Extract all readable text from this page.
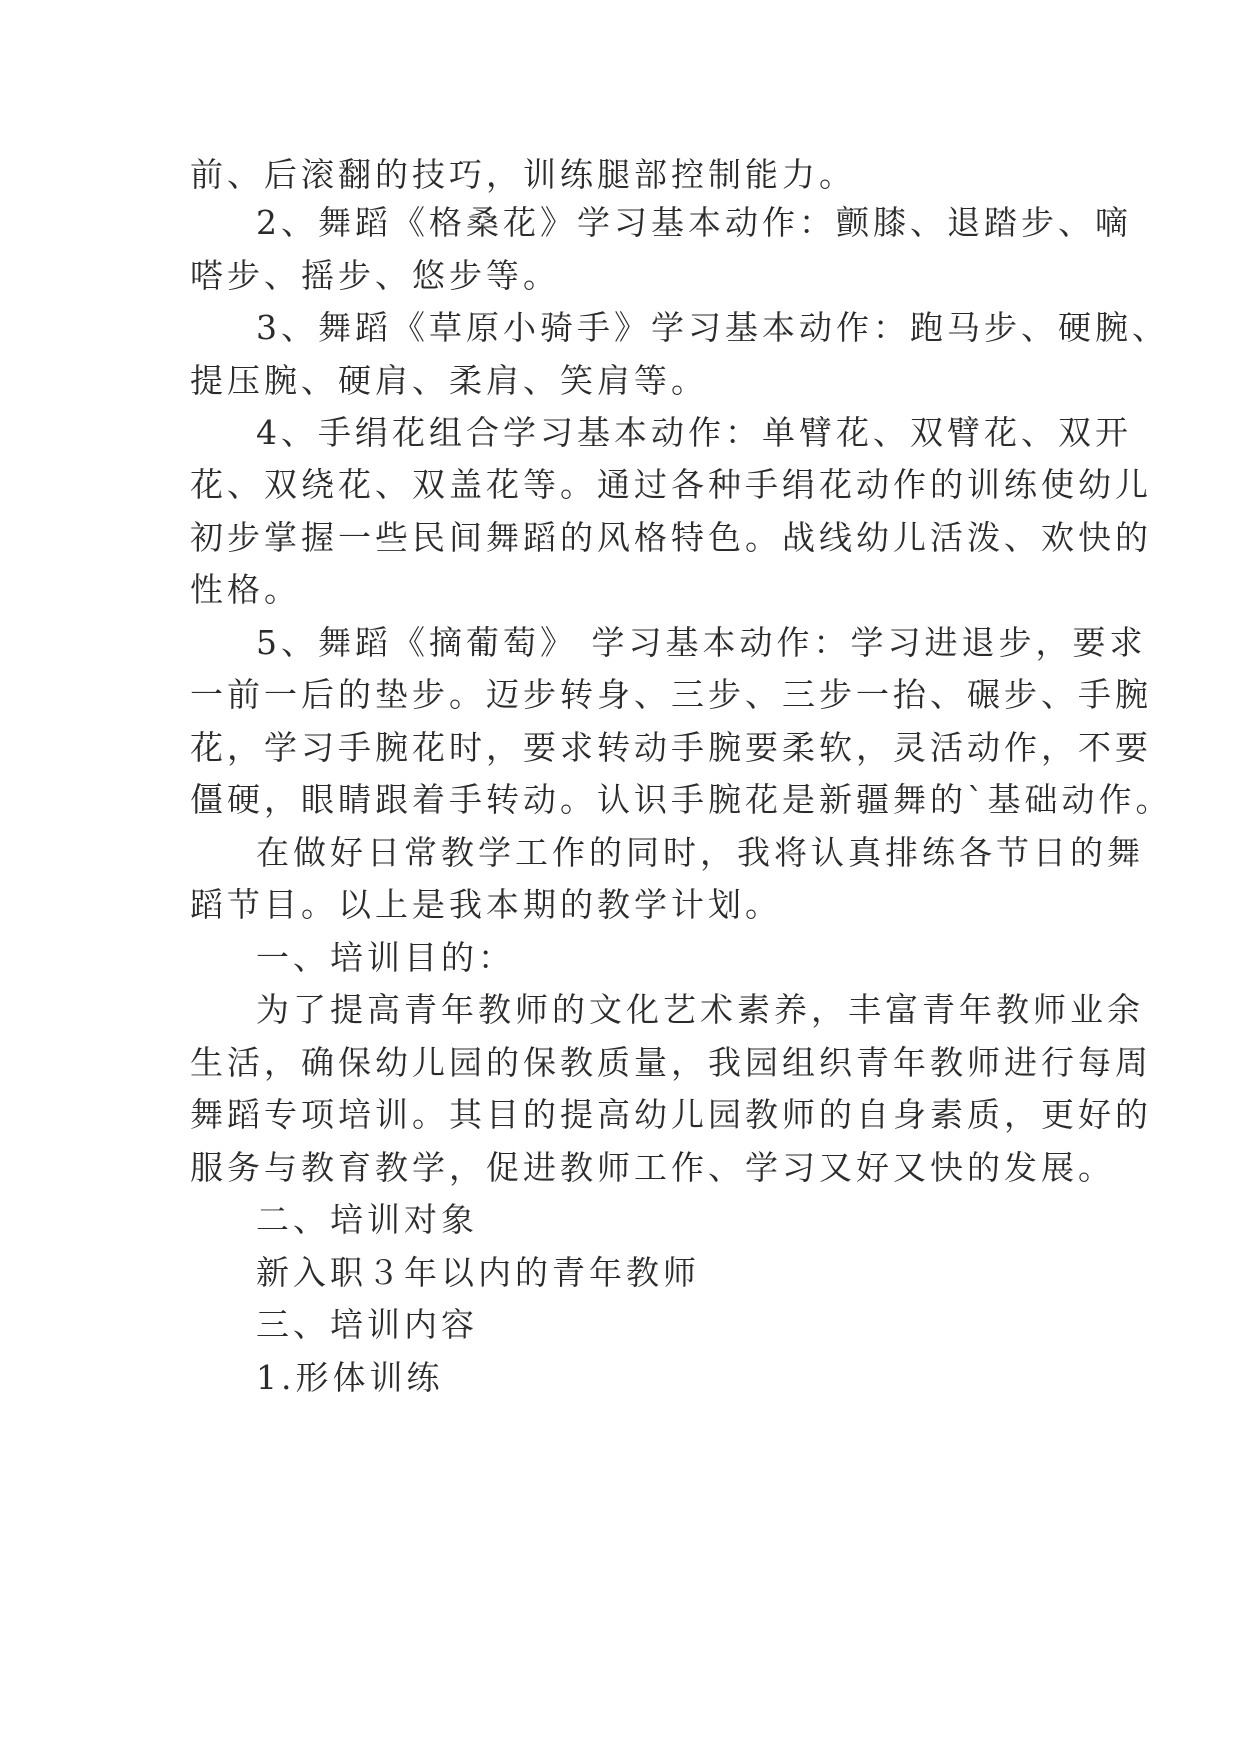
前、后滚翻的技巧，训练腿部控制能力。
2、舞蹈《格桑花》学习基本动作：颤膝、退踏步、嘀
嗒步、摇步、悠步等。
3、舞蹈《草原小骑手》学习基本动作：跑马步、硬腕、
提压腕、硬肩、柔肩、笑肩等。
4、手绢花组合学习基本动作：单臂花、双臂花、双开
花、双绕花、双盖花等。通过各种手绢花动作的训练使幼儿
初步掌握一些民间舞蹈的风格特色。战线幼儿活泼、欢快的
性格。
5、舞蹈《摘葡萄》 学习基本动作：学习进退步，要求
一前一后的垫步。迈步转身、三步、三步一抬、碾步、手腕
花，学习手腕花时，要求转动手腕要柔软，灵活动作，不要
僵硬，眼睛跟着手转动。认识手腕花是新疆舞的`基础动作。
在做好日常教学工作的同时，我将认真排练各节日的舞
蹈节目。以上是我本期的教学计划。
一、培训目的：
为了提高青年教师的文化艺术素养，丰富青年教师业余
生活，确保幼儿园的保教质量，我园组织青年教师进行每周
舞蹈专项培训。其目的提高幼儿园教师的自身素质，更好的
服务与教育教学，促进教师工作、学习又好又快的发展。
二、培训对象
新入职３年以内的青年教师
三、培训内容
1.形体训练
